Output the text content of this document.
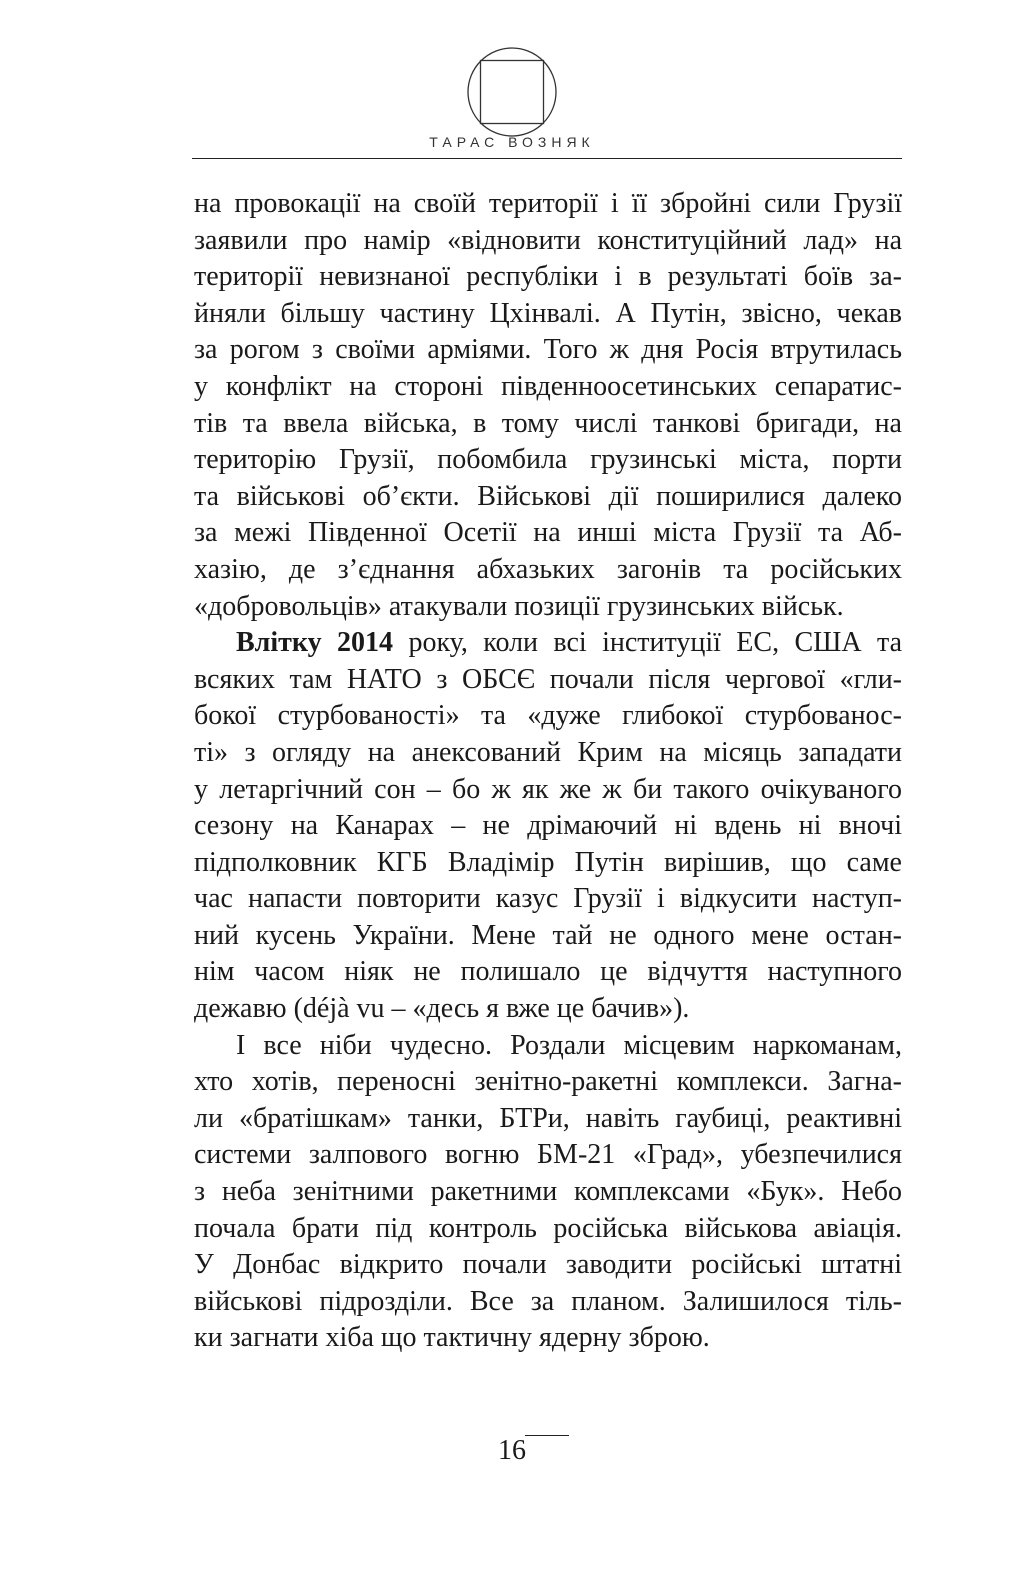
ТАРАС ВОЗНЯК
на провокації на своїй території і її збройні сили Грузії
заявили про намір «відновити конституційний лад» на
території невизнаної республіки і в результаті боїв за-
йняли більшу частину Цхінвалі. А Путін, звісно, чекав
за рогом з своїми арміями. Того ж дня Росія втрутилась
у конфлікт на стороні південноосетинських сепаратис-
тів та ввела війська, в тому числі танкові бригади, на
територію Грузії, побомбила грузинські міста, порти
та військові об’єкти. Військові дії поширилися далеко
за межі Південної Осетії на инші міста Грузії та Аб-
хазію, де з’єднання абхазьких загонів та російських
«добровольців» атакували позиції грузинських військ.
Влітку 2014 року, коли всі інституції ЕС, США та
всяких там НАТО з ОБСЄ почали після чергової «гли-
бокої стурбованості» та «дуже глибокої стурбованос-
ті» з огляду на анексований Крим на місяць западати
у летаргічний сон – бо ж як же ж би такого очікуваного
сезону на Канарах – не дрімаючий ні вдень ні вночі
підполковник КГБ Владімір Путін вирішив, що саме
час напасти повторити казус Грузії і відкусити наступ-
ний кусень України. Мене тай не одного мене остан-
нім часом ніяк не полишало це відчуття наступного
дежавю (déjà vu – «десь я вже це бачив»).
І все ніби чудесно. Роздали місцевим наркоманам,
хто хотів, переносні зенітно-ракетні комплекси. Загна-
ли «братішкам» танки, БТРи, навіть гаубиці, реактивні
системи залпового вогню БМ-21 «Град», убезпечилися
з неба зенітними ракетними комплексами «Бук». Небо
почала брати під контроль російська військова авіація.
У Донбас відкрито почали заводити російські штатні
військові підрозділи. Все за планом. Залишилося тіль-
ки загнати хіба що тактичну ядерну зброю.
16
